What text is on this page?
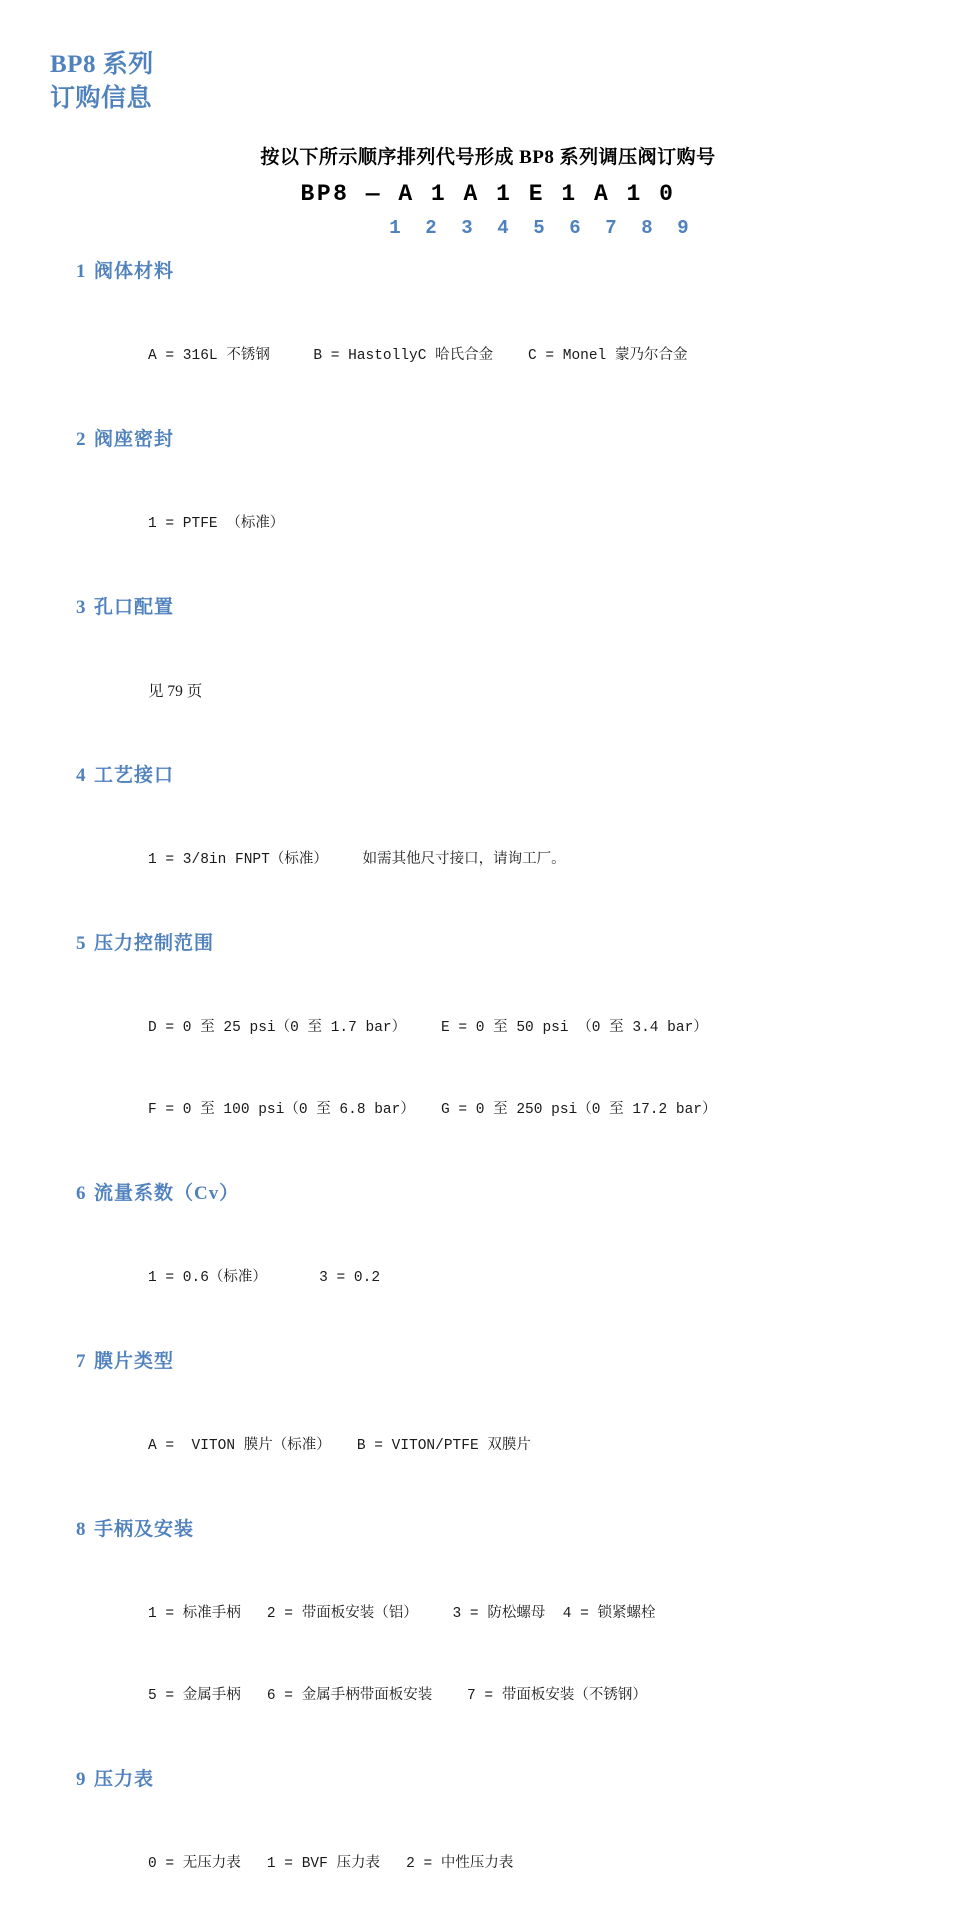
BP8 系列
订购信息
按以下所示顺序排列代号形成 BP8 系列调压阀订购号
BP8 — A 1 A 1 E 1 A 1 0
1 2 3 4 5 6 7 8 9
1 阀体材料

A = 316L 不锈钢     B = HastollyC 哈氏合金    C = Monel 蒙乃尔合金

2 阀座密封

1 = PTFE （标准）

3 孔口配置

见 79 页

4 工艺接口

1 = 3/8in FNPT（标准）    如需其他尺寸接口，请询工厂。

5 压力控制范围

D = 0 至 25 psi（0 至 1.7 bar）    E = 0 至 50 psi （0 至 3.4 bar）

F = 0 至 100 psi（0 至 6.8 bar）   G = 0 至 250 psi（0 至 17.2 bar）

6 流量系数（Cv）

1 = 0.6（标准）      3 = 0.2

7 膜片类型

A =  VITON 膜片（标准）   B = VITON/PTFE 双膜片

8 手柄及安装

1 = 标准手柄   2 = 带面板安装（铝）    3 = 防松螺母  4 = 锁紧螺栓

5 = 金属手柄   6 = 金属手柄带面板安装    7 = 带面板安装（不锈钢）

9 压力表

0 = 无压力表   1 = BVF 压力表   2 = 中性压力表
